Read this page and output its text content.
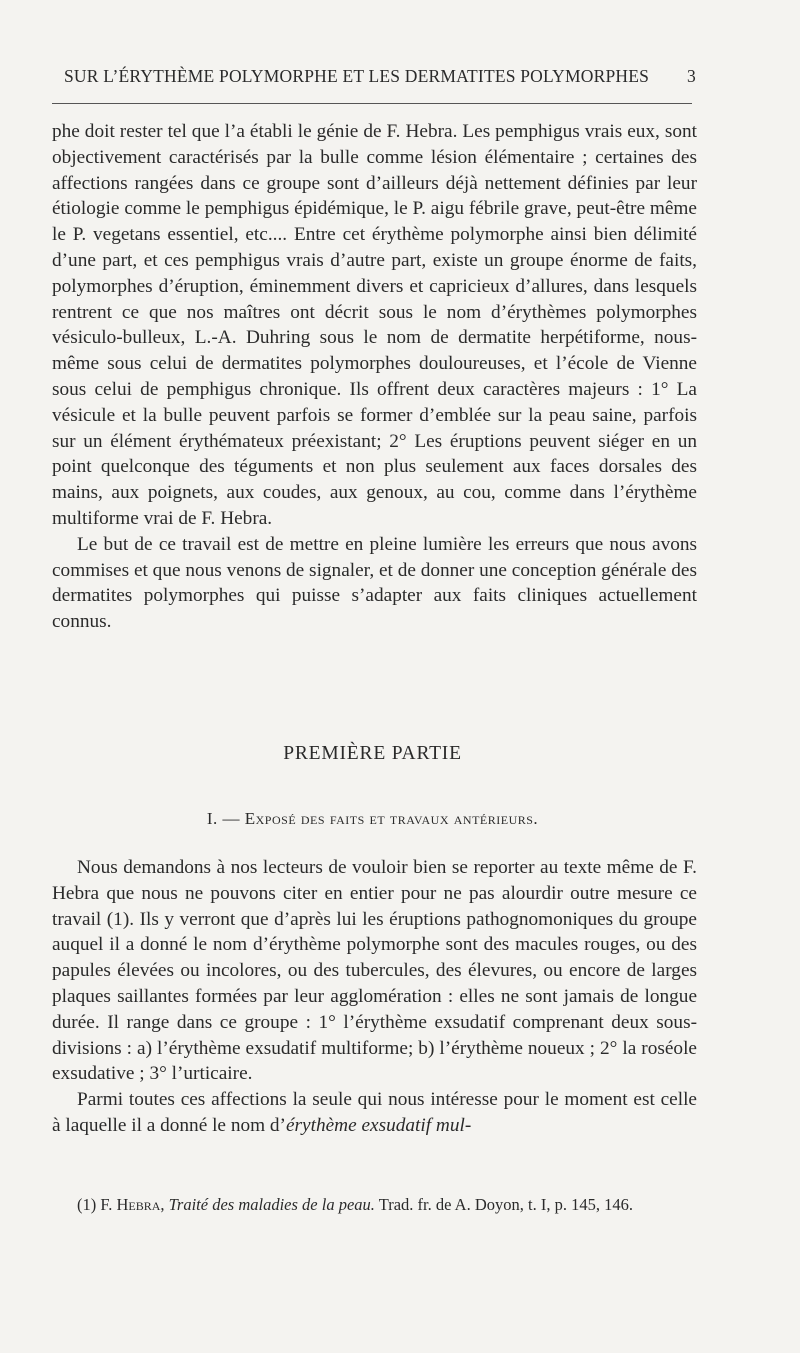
SUR L’ÉRYTHÈME POLYMORPHE ET LES DERMATITES POLYMORPHES 3

phe doit rester tel que l’a établi le génie de F. Hebra. Les pemphigus vrais eux, sont objectivement caractérisés par la bulle comme lésion élémentaire ; certaines des affections rangées dans ce groupe sont d’ailleurs déjà nettement définies par leur étiologie comme le pemphigus épidémique, le P. aigu fébrile grave, peut-être même le P. vegetans essentiel, etc.... Entre cet érythème polymorphe ainsi bien délimité d’une part, et ces pemphigus vrais d’autre part, existe un groupe énorme de faits, polymorphes d’éruption, éminemment divers et capricieux d’allures, dans lesquels rentrent ce que nos maîtres ont décrit sous le nom d’érythèmes polymorphes vésiculo-bulleux, L.-A. Duhring sous le nom de dermatite herpétiforme, nous-même sous celui de dermatites polymorphes douloureuses, et l’école de Vienne sous celui de pemphigus chronique. Ils offrent deux caractères majeurs : 1° La vésicule et la bulle peuvent parfois se former d’emblée sur la peau saine, parfois sur un élément érythémateux préexistant; 2° Les éruptions peuvent siéger en un point quelconque des téguments et non plus seulement aux faces dorsales des mains, aux poignets, aux coudes, aux genoux, au cou, comme dans l’érythème multiforme vrai de F. Hebra.

Le but de ce travail est de mettre en pleine lumière les erreurs que nous avons commises et que nous venons de signaler, et de donner une conception générale des dermatites polymorphes qui puisse s’adapter aux faits cliniques actuellement connus.

PREMIÈRE PARTIE
I. — Exposé des faits et travaux antérieurs.

Nous demandons à nos lecteurs de vouloir bien se reporter au texte même de F. Hebra que nous ne pouvons citer en entier pour ne pas alourdir outre mesure ce travail (1). Ils y verront que d’après lui les éruptions pathognomoniques du groupe auquel il a donné le nom d’érythème polymorphe sont des macules rouges, ou des papules élevées ou incolores, ou des tubercules, des élevures, ou encore de larges plaques saillantes formées par leur agglomération : elles ne sont jamais de longue durée. Il range dans ce groupe : 1° l’érythème exsudatif comprenant deux sous-divisions : a) l’érythème exsudatif multiforme; b) l’érythème noueux ; 2° la roséole exsudative ; 3° l’urticaire.

Parmi toutes ces affections la seule qui nous intéresse pour le moment est celle à laquelle il a donné le nom d’érythème exsudatif mul-

(1) F. Hebra, Traité des maladies de la peau. Trad. fr. de A. Doyon, t. I, p. 145, 146.
